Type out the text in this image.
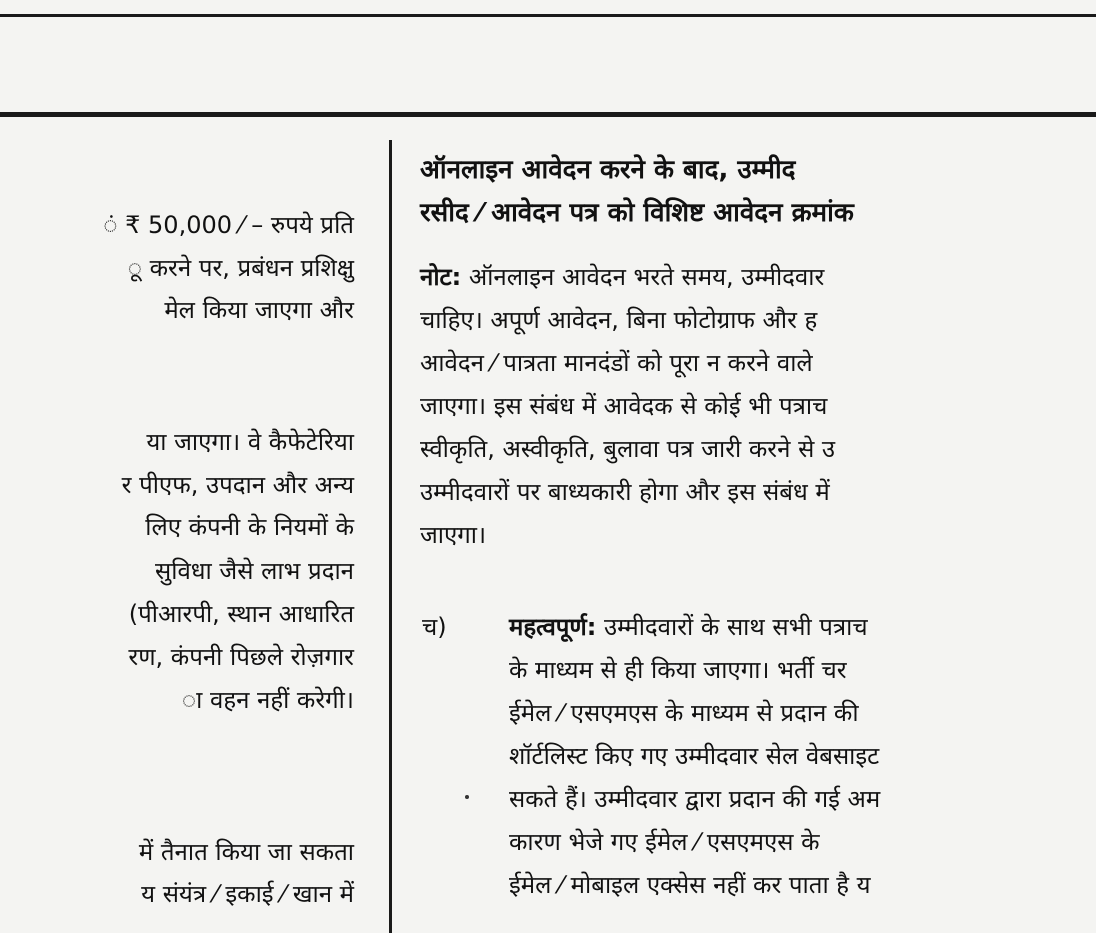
ं ₹ 50,000 ⁄ – रुपये प्रति
ू करने पर, प्रबंधन प्रशिक्षु
मेल किया जाएगा और
या जाएगा। वे कैफेटेरिया
र पीएफ, उपदान और अन्य
लिए कंपनी के नियमों के
सुविधा जैसे लाभ प्रदान
(पीआरपी, स्थान आधारित
रण, कंपनी पिछले रोज़गार
ा वहन नहीं करेगी।
में तैनात किया जा सकता
य संयंत्र ⁄ इकाई ⁄ खान में
ऑनलाइन आवेदन करने के बाद, उम्मीद
रसीद ⁄ आवेदन पत्र को विशिष्ट आवेदन क्रमांक
नोट: ऑनलाइन आवेदन भरते समय, उम्मीदवार
चाहिए। अपूर्ण आवेदन, बिना फोटोग्राफ और ह
आवेदन ⁄ पात्रता मानदंडों को पूरा न करने वाले
जाएगा। इस संबंध में आवेदक से कोई भी पत्राच
स्वीकृति, अस्वीकृति, बुलावा पत्र जारी करने से उ
उम्मीदवारों पर बाध्यकारी होगा और इस संबंध में
जाएगा।
च)	महत्वपूर्ण: उम्मीदवारों के साथ सभी पत्राच
के माध्यम से ही किया जाएगा। भर्ती चर
ईमेल ⁄ एसएमएस के माध्यम से प्रदान की
शॉर्टलिस्ट किए गए उम्मीदवार सेल वेबसाइट
सकते हैं। उम्मीदवार द्वारा प्रदान की गई अम
कारण भेजे गए ईमेल ⁄ एसएमएस के
ईमेल ⁄ मोबाइल एक्सेस नहीं कर पाता है य
